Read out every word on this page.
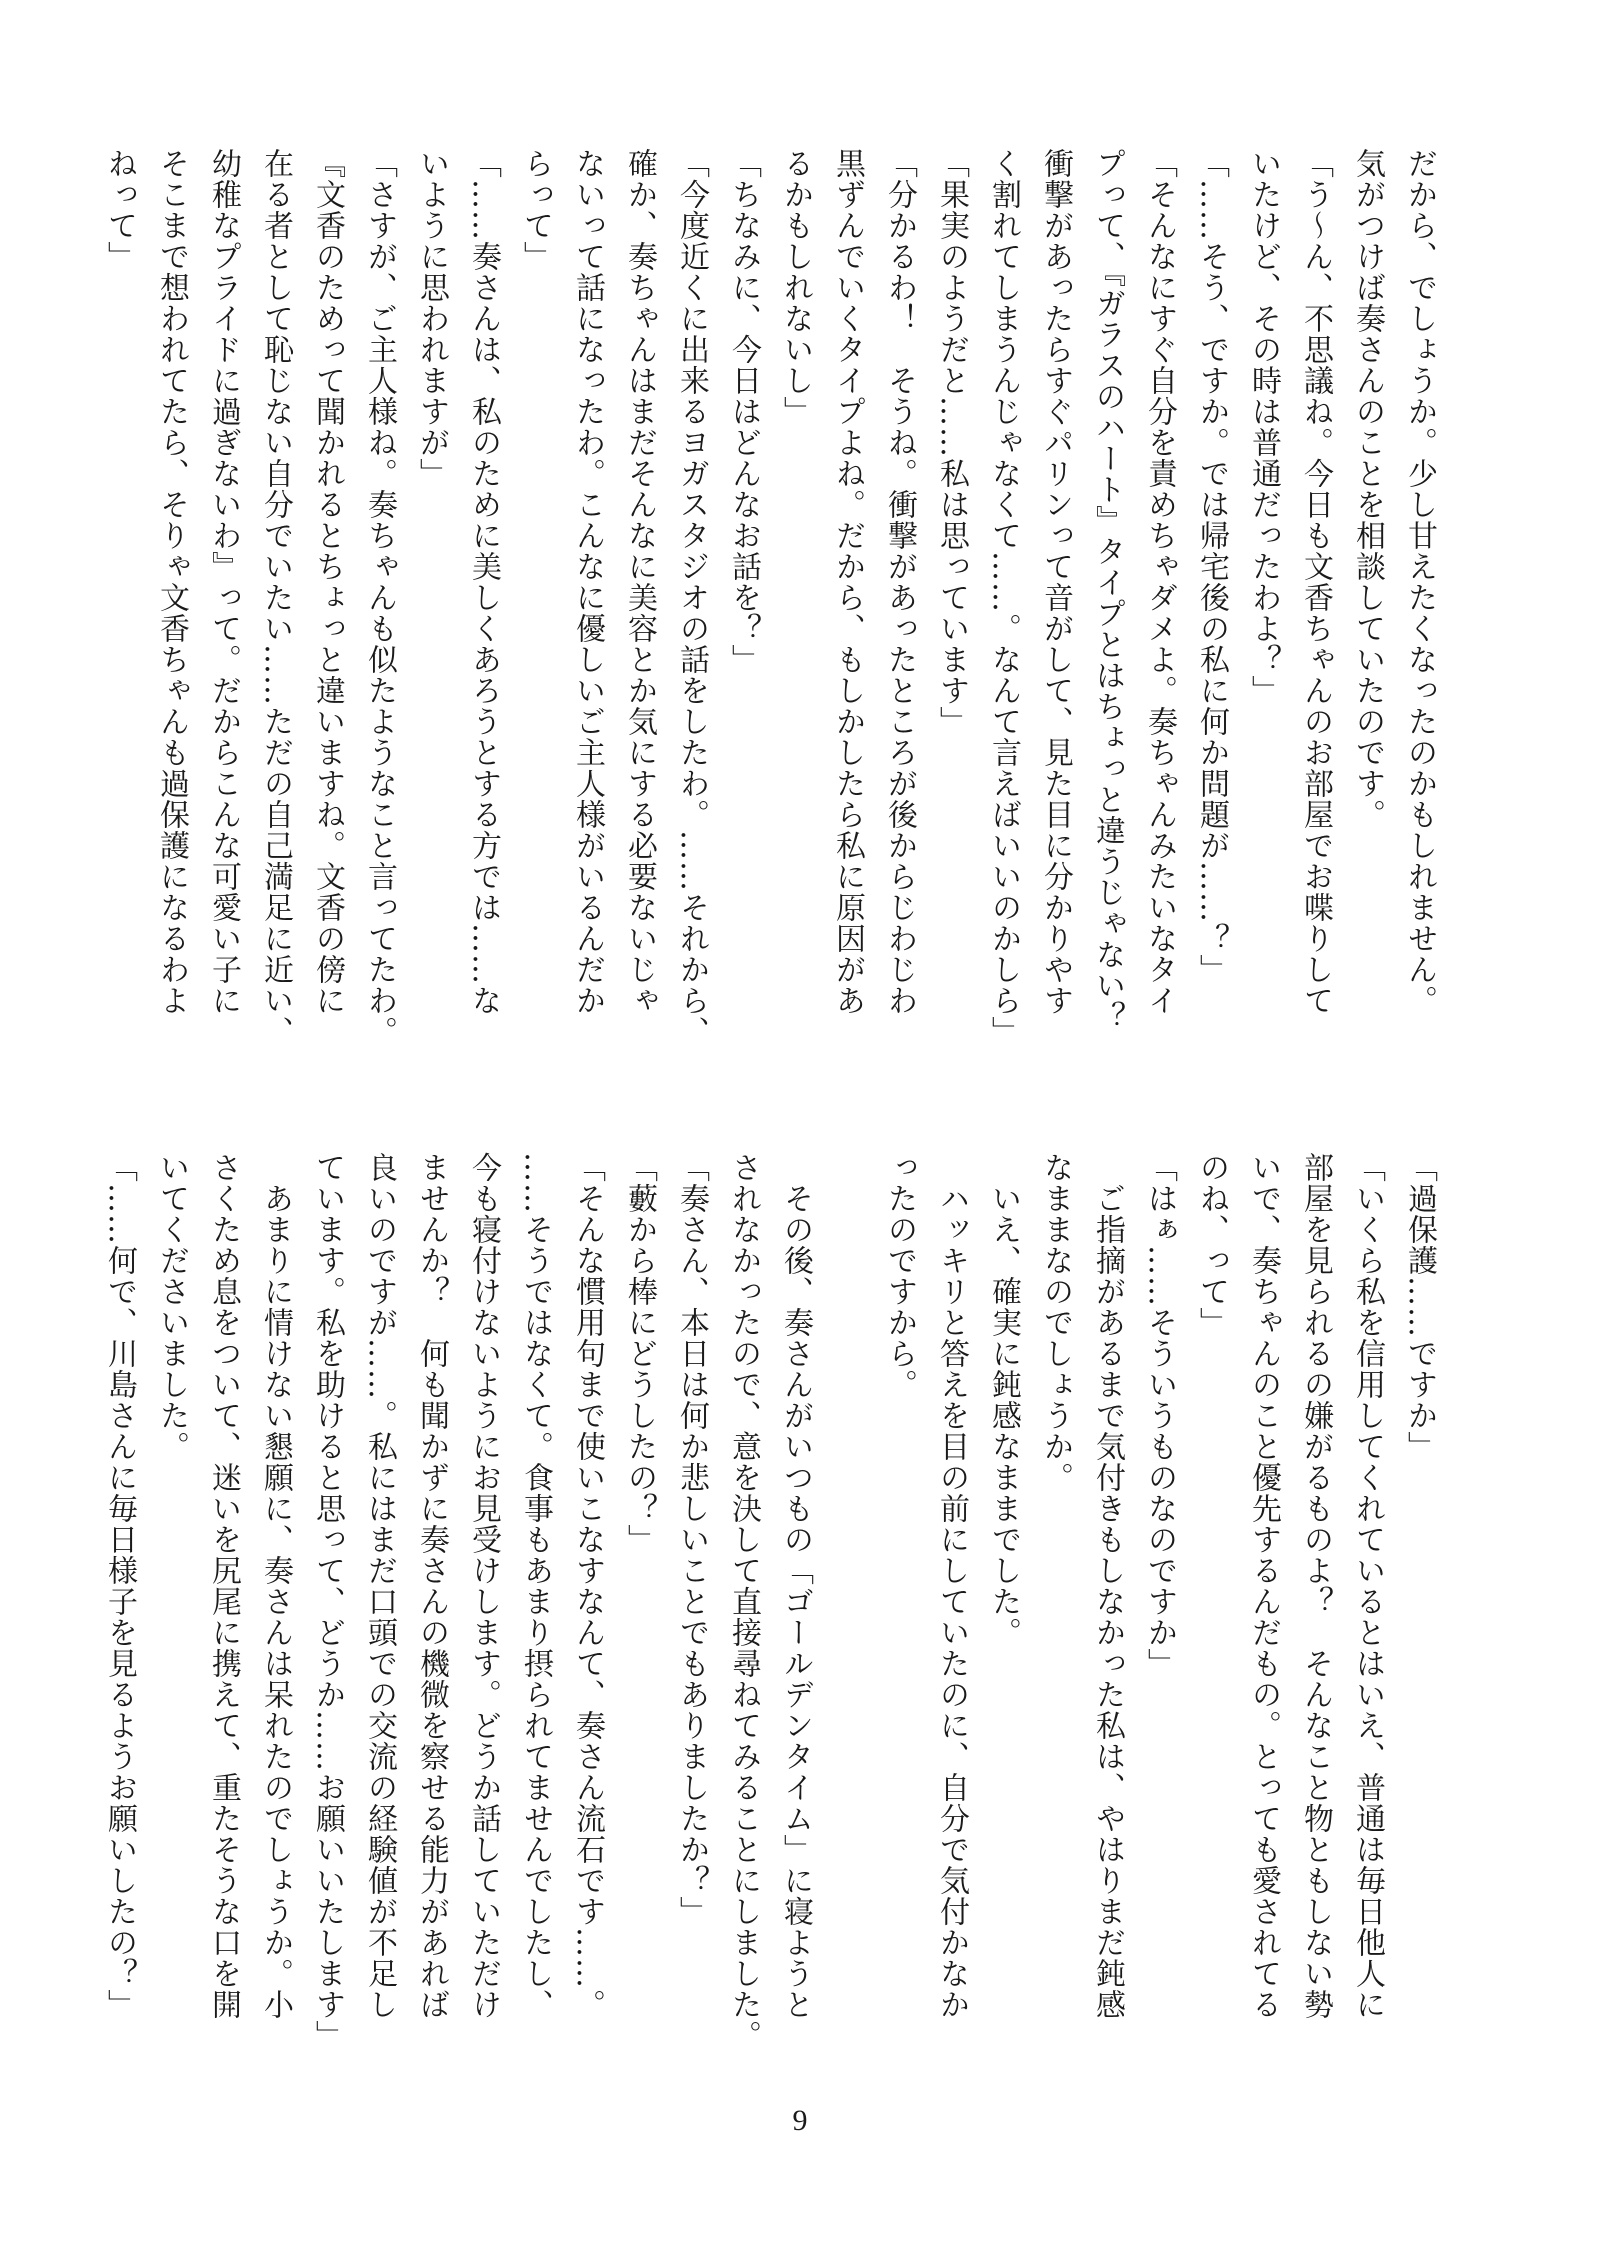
だから、でしょうか。少し甘えたくなったのかもしれません。
気がつけば奏さんのことを相談していたのです。
「う～ん、不思議ね。今日も文香ちゃんのお部屋でお喋りして
いたけど、その時は普通だったわよ？」
「……そう、ですか。では帰宅後の私に何か問題が……？」
「そんなにすぐ自分を責めちゃダメよ。奏ちゃんみたいなタイ
プって、『ガラスのハート』タイプとはちょっと違うじゃない？
衝撃があったらすぐパリンって音がして、見た目に分かりやす
く割れてしまうんじゃなくて……。なんて言えばいいのかしら」
「果実のようだと……私は思っています」
「分かるわ！　そうね。衝撃があったところが後からじわじわ
黒ずんでいくタイプよね。だから、もしかしたら私に原因があ
るかもしれないし」
「ちなみに、今日はどんなお話を？」
「今度近くに出来るヨガスタジオの話をしたわ。……それから、
確か、奏ちゃんはまだそんなに美容とか気にする必要ないじゃ
ないって話になったわ。こんなに優しいご主人様がいるんだか
らって」
「……奏さんは、私のために美しくあろうとする方では……な
いように思われますが」
「さすが、ご主人様ね。奏ちゃんも似たようなこと言ってたわ。
『文香のためって聞かれるとちょっと違いますね。文香の傍に
在る者として恥じない自分でいたい……ただの自己満足に近い、
幼稚なプライドに過ぎないわ』って。だからこんな可愛い子に
そこまで想われてたら、そりゃ文香ちゃんも過保護になるわよ
ねって」
「過保護……ですか」
「いくら私を信用してくれているとはいえ、普通は毎日他人に
部屋を見られるの嫌がるものよ？　そんなこと物ともしない勢
いで、奏ちゃんのこと優先するんだもの。とっても愛されてる
のね、って」
「はぁ……そういうものなのですか」
　ご指摘があるまで気付きもしなかった私は、やはりまだ鈍感
なままなのでしょうか。
　いえ、確実に鈍感なままでした。
　ハッキリと答えを目の前にしていたのに、自分で気付かなか
ったのですから。

　その後、奏さんがいつもの「ゴールデンタイム」に寝ようと
されなかったので、意を決して直接尋ねてみることにしました。
「奏さん、本日は何か悲しいことでもありましたか？」
「藪から棒にどうしたの？」
「そんな慣用句まで使いこなすなんて、奏さん流石です……。
……そうではなくて。食事もあまり摂られてませんでしたし、
今も寝付けないようにお見受けします。どうか話していただけ
ませんか？　何も聞かずに奏さんの機微を察せる能力があれば
良いのですが……。私にはまだ口頭での交流の経験値が不足し
ています。私を助けると思って、どうか……お願いいたします」
　あまりに情けない懇願に、奏さんは呆れたのでしょうか。小
さくため息をついて、迷いを尻尾に携えて、重たそうな口を開
いてくださいました。
「……何で、川島さんに毎日様子を見るようお願いしたの？」
9
